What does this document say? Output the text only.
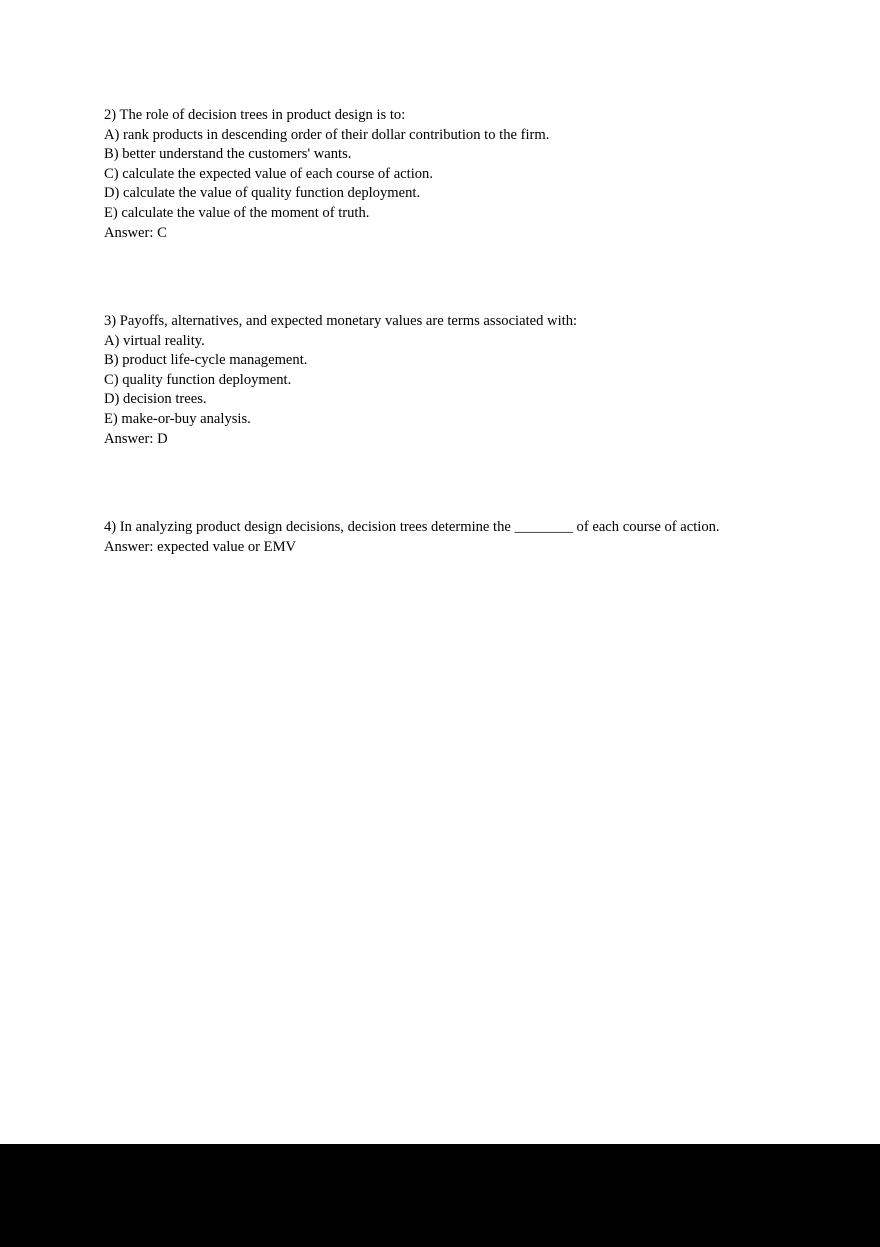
2) The role of decision trees in product design is to:
A) rank products in descending order of their dollar contribution to the firm.
B) better understand the customers' wants.
C) calculate the expected value of each course of action.
D) calculate the value of quality function deployment.
E) calculate the value of the moment of truth.
Answer: C
3) Payoffs, alternatives, and expected monetary values are terms associated with:
A) virtual reality.
B) product life-cycle management.
C) quality function deployment.
D) decision trees.
E) make-or-buy analysis.
Answer: D
4) In analyzing product design decisions, decision trees determine the ________ of each course of action.
Answer: expected value or EMV
